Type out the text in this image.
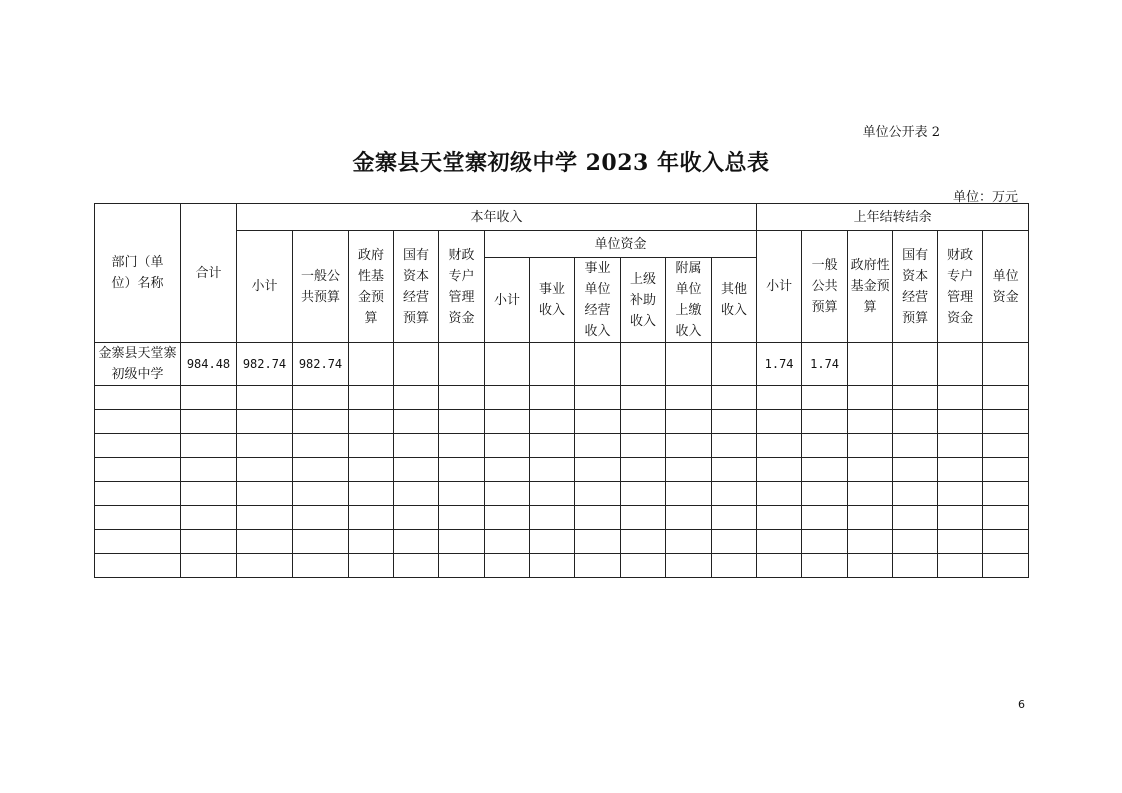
单位公开表 2
金寨县天堂寨初级中学 2023 年收入总表
单位：万元
部门（单位）名称	合计	本年收入											上年结转结余					
		小计	一般公共预算	政府性基金预算	国有资本经营预算	财政专户管理资金	单位资金						小计	一般公共预算	政府性基金预算	国有资本经营预算	财政专户管理资金	单位资金
							小计	事业收入	事业单位经营收入	上级补助收入	附属单位上缴收入	其他收入						
金寨县天堂寨初级中学	984.48	982.74	982.74										1.74	1.74				

6
